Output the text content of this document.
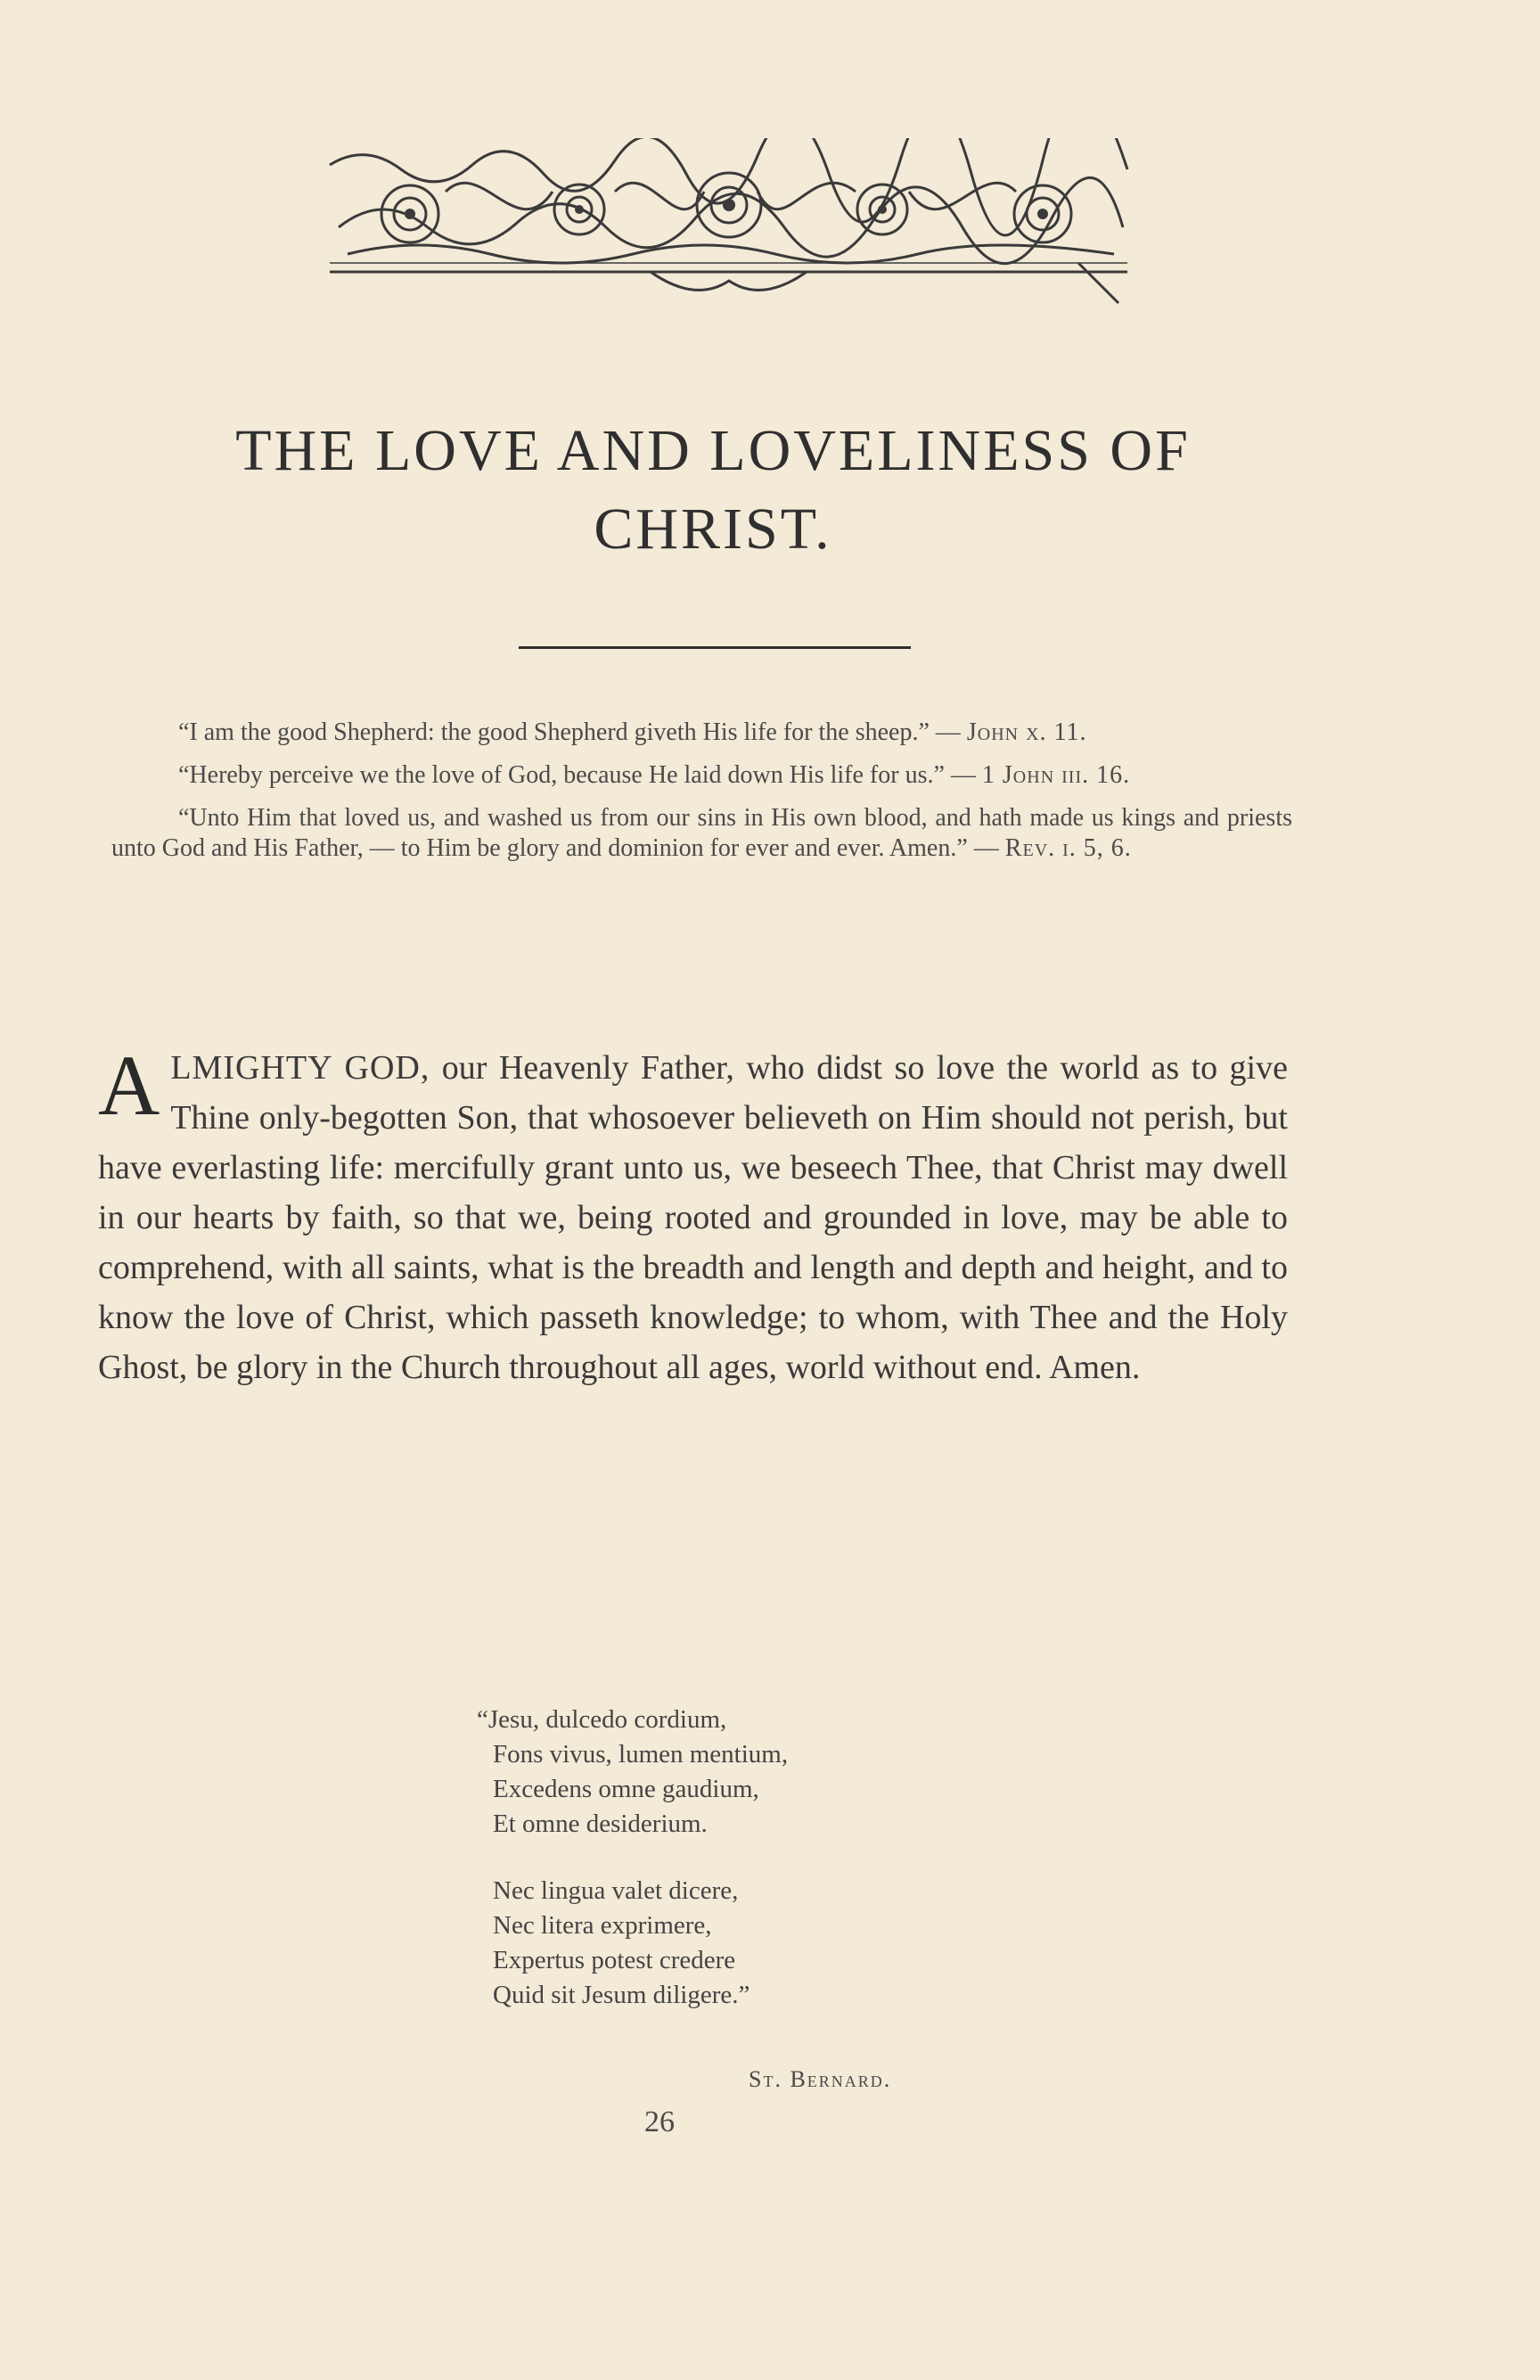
THE LOVE AND LOVELINESS OF
CHRIST.

“I am the good Shepherd: the good Shepherd giveth His life for the sheep.” — John x. 11.

“Hereby perceive we the love of God, because He laid down His life for us.” — 1 John iii. 16.

“Unto Him that loved us, and washed us from our sins in His own blood, and hath made us kings and priests unto God and His Father, — to Him be glory and dominion for ever and ever. Amen.” — Rev. i. 5, 6.

ALMIGHTY GOD, our Heavenly Father, who didst so love the world as to give Thine only-begotten Son, that whosoever believeth on Him should not perish, but have everlasting life: mercifully grant unto us, we beseech Thee, that Christ may dwell in our hearts by faith, so that we, being rooted and grounded in love, may be able to comprehend, with all saints, what is the breadth and length and depth and height, and to know the love of Christ, which passeth knowledge; to whom, with Thee and the Holy Ghost, be glory in the Church throughout all ages, world without end. Amen.

“Jesu, dulcedo cordium,
Fons vivus, lumen mentium,
Excedens omne gaudium,
Et omne desiderium.
Nec lingua valet dicere,
Nec litera exprimere,
Expertus potest credere
Quid sit Jesum diligere.”
St. Bernard.
26
